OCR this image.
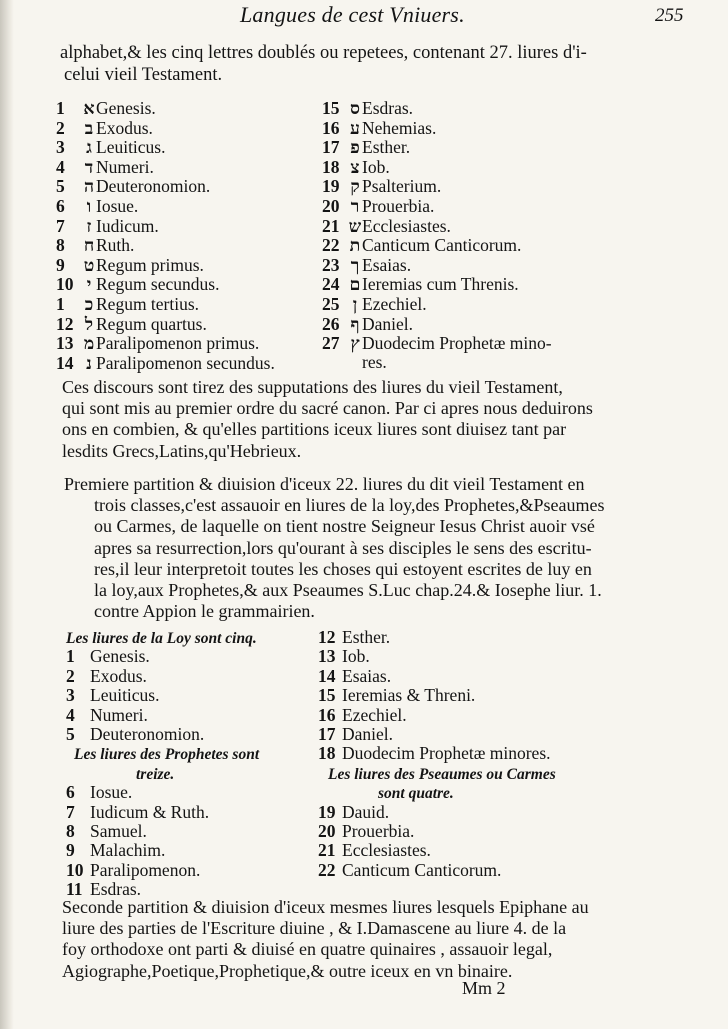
Langues de cest Vniuers.	255
alphabet,& les cinq lettres doublés ou repetees, contenant 27. liures d'i-
celui vieil Testament.
1	א Genesis.
2	ב Exodus.
3	ג Leuiticus.
4	ד Numeri.
5	ה Deuteronomion.
6	ו Iosue.
7	ז Iudicum.
8	ח Ruth.
9	ט Regum primus.
10 י Regum secundus.
1	כ Regum tertius.
12 ל Regum quartus.
13 מ Paralipomenon primus.
14 נ Paralipomenon secundus.
15 ס Esdras.
16 ע Nehemias.
17 פ Esther.
18 צ Iob.
19 ק Psalterium.
20 ר Prouerbia.
21 ש Ecclesiastes.
22 ת Canticum Canticorum.
23 ך Esaias.
24 ם Ieremias cum Threnis.
25 ן Ezechiel.
26 ף Daniel.
27 ץ Duodecim Prophetæ mino-
res.
Ces discours sont tirez des supputations des liures du vieil Testament,
qui sont mis au premier ordre du sacré canon. Par ci apres nous deduirons
ons en combien, & qu'elles partitions iceux liures sont diuisez tant par
lesdits Grecs,Latins,qu'Hebrieux.
Premiere partition & diuision d'iceux 22. liures du dit vieil Testament en
trois classes,c'est assauoir en liures de la loy,des Prophetes,&Pseaumes
ou Carmes, de laquelle on tient nostre Seigneur Iesus Christ auoir vsé
apres sa resurrection,lors qu'ourant à ses disciples le sens des escritu-
res,il leur interpretoit toutes les choses qui estoyent escrites de luy en
la loy,aux Prophetes,& aux Pseaumes S.Luc chap.24.& Iosephe liur. 1.
contre Appion le grammairien.
Les liures de la Loy sont cinq.
1 Genesis.
2 Exodus.
3 Leuiticus.
4 Numeri.
5 Deuteronomion.
Les liures des Prophetes sont
treize.
6 Iosue.
7 Iudicum & Ruth.
8 Samuel.
9 Malachim.
10 Paralipomenon.
11 Esdras.
12 Esther.
13 Iob.
14 Esaias.
15 Ieremias & Threni.
16 Ezechiel.
17 Daniel.
18 Duodecim Prophetæ minores.
Les liures des Pseaumes ou Carmes
sont quatre.
19 Dauid.
20 Prouerbia.
21 Ecclesiastes.
22 Canticum Canticorum.
Seconde partition & diuision d'iceux mesmes liures lesquels Epiphane au
liure des parties de l'Escriture diuine , & I.Damascene au liure 4. de la
foy orthodoxe ont parti & diuisé en quatre quinaires , assauoir legal,
Agiographe,Poetique,Prophetique,& outre iceux en vn binaire.
Mm 2
